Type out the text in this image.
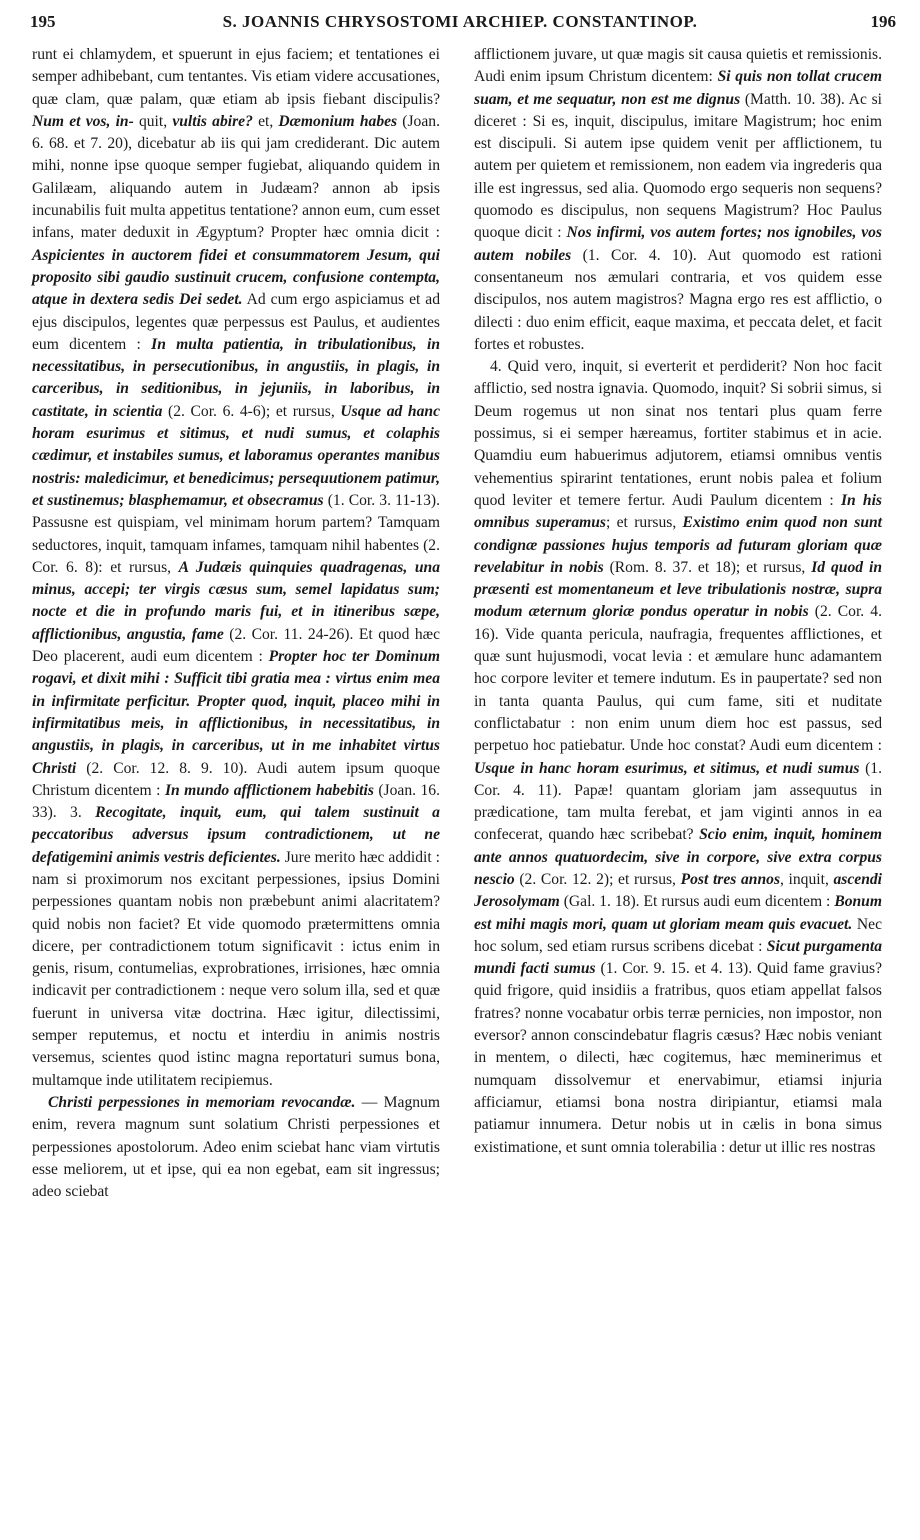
195	S. JOANNIS CHRYSOSTOMI ARCHIEP. CONSTANTINOP.	196

runt ei chlamydem, et spuerunt in ejus faciem; et tentationes ei semper adhibebant, cum tentantes. Vis etiam videre accusationes, quæ clam, quæ palam, quæ etiam ab ipsis fiebant discipulis? Num et vos, in- quit, vultis abire? et, Dæmonium habes (Joan. 6. 68. et 7. 20), dicebatur ab iis qui jam crediderant. Dic autem mihi, nonne ipse quoque semper fugiebat, aliquando quidem in Galilæam, aliquando autem in Judæam? annon ab ipsis incunabilis fuit multa appetitus tentatione? annon eum, cum esset infans, mater deduxit in Ægyptum? Propter hæc omnia dicit : Aspicientes in auctorem fidei et consummatorem Jesum, qui proposito sibi gaudio sustinuit crucem, confusione contempta, atque in dextera sedis Dei sedet. Ad cum ergo aspiciamus et ad ejus discipulos, legentes quæ perpessus est Paulus, et audientes eum dicentem : In multa patientia, in tribulationibus, in necessitatibus, in persecutionibus, in angustiis, in plagis, in carceribus, in seditionibus, in jejuniis, in laboribus, in castitate, in scientia (2. Cor. 6. 4-6); et rursus, Usque ad hanc horam esurimus et sitimus, et nudi sumus, et colaphis cædimur, et instabiles sumus, et laboramus operantes manibus nostris: maledicimur, et benedicimus; persequutionem patimur, et sustinemus; blasphemamur, et obsecramus (1. Cor. 3. 11-13). Passusne est quispiam, vel minimam horum partem? Tamquam seductores, inquit, tamquam infames, tamquam nihil habentes (2. Cor. 6. 8): et rursus, A Judæis quinquies quadragenas, una minus, accepi; ter virgis cæsus sum, semel lapidatus sum; nocte et die in profundo maris fui, et in itineribus sæpe, afflictionibus, angustia, fame (2. Cor. 11. 24-26). Et quod hæc Deo placerent, audi eum dicentem : Propter hoc ter Dominum rogavi, et dixit mihi : Sufficit tibi gratia mea : virtus enim mea in infirmitate perficitur. Propter quod, inquit, placeo mihi in infirmitatibus meis, in afflictionibus, in necessitatibus, in angustiis, in plagis, in carceribus, ut in me inhabitet virtus Christi (2. Cor. 12. 8. 9. 10). Audi autem ipsum quoque Christum dicentem : In mundo afflictionem habebitis (Joan. 16. 33). 3. Recogitate, inquit, eum, qui talem sustinuit a peccatoribus adversus ipsum contradictionem, ut ne defatigemini animis vestris deficientes. Jure merito hæc addidit : nam si proximorum nos excitant perpessiones, ipsius Domini perpessiones quantam nobis non præbebunt animi alacritatem? quid nobis non faciet? Et vide quomodo prætermittens omnia dicere, per contradictionem totum significavit : ictus enim in genis, risum, contumelias, exprobrationes, irrisiones, hæc omnia indicavit per contradictionem : neque vero solum illa, sed et quæ fuerunt in universa vitæ doctrina. Hæc igitur, dilectissimi, semper reputemus, et noctu et interdiu in animis nostris versemus, scientes quod istinc magna reportaturi sumus bona, multamque inde utilitatem recipiemus.

Christi perpessiones in memoriam revocandæ. — Magnum enim, revera magnum sunt solatium Christi perpessiones et perpessiones apostolorum. Adeo enim sciebat hanc viam virtutis esse meliorem, ut et ipse, qui ea non egebat, eam sit ingressus; adeo sciebat

afflictionem juvare, ut quæ magis sit causa quietis et remissionis. Audi enim ipsum Christum dicentem: Si quis non tollat crucem suam, et me sequatur, non est me dignus (Matth. 10. 38). Ac si diceret : Si es, inquit, discipulus, imitare Magistrum; hoc enim est discipuli. Si autem ipse quidem venit per afflictionem, tu autem per quietem et remissionem, non eadem via ingrederis qua ille est ingressus, sed alia. Quomodo ergo sequeris non sequens? quomodo es discipulus, non sequens Magistrum? Hoc Paulus quoque dicit : Nos infirmi, vos autem fortes; nos ignobiles, vos autem nobiles (1. Cor. 4. 10). Aut quomodo est rationi consentaneum nos æmulari contraria, et vos quidem esse discipulos, nos autem magistros? Magna ergo res est afflictio, o dilecti : duo enim efficit, eaque maxima, et peccata delet, et facit fortes et robustes.

4. Quid vero, inquit, si everterit et perdiderit? Non hoc facit afflictio, sed nostra ignavia. Quomodo, inquit? Si sobrii simus, si Deum rogemus ut non sinat nos tentari plus quam ferre possimus, si ei semper hæreamus, fortiter stabimus et in acie. Quamdiu eum habuerimus adjutorem, etiamsi omnibus ventis vehementius spirarint tentationes, erunt nobis palea et folium quod leviter et temere fertur. Audi Paulum dicentem : In his omnibus superamus; et rursus, Existimo enim quod non sunt condignæ passiones hujus temporis ad futuram gloriam quæ revelabitur in nobis (Rom. 8. 37. et 18); et rursus, Id quod in præsenti est momentaneum et leve tribulationis nostræ, supra modum æternum gloriæ pondus operatur in nobis (2. Cor. 4. 16). Vide quanta pericula, naufragia, frequentes afflictiones, et quæ sunt hujusmodi, vocat levia : et æmulare hunc adamantem hoc corpore leviter et temere indutum. Es in paupertate? sed non in tanta quanta Paulus, qui cum fame, siti et nuditate conflictabatur : non enim unum diem hoc est passus, sed perpetuo hoc patiebatur. Unde hoc constat? Audi eum dicentem : Usque in hanc horam esurimus, et sitimus, et nudi sumus (1. Cor. 4. 11). Papæ! quantam gloriam jam assequutus in prædicatione, tam multa ferebat, et jam viginti annos in ea confecerat, quando hæc scribebat? Scio enim, inquit, hominem ante annos quatuordecim, sive in corpore, sive extra corpus nescio (2. Cor. 12. 2); et rursus, Post tres annos, inquit, ascendi Jerosolymam (Gal. 1. 18). Et rursus audi eum dicentem : Bonum est mihi magis mori, quam ut gloriam meam quis evacuet. Nec hoc solum, sed etiam rursus scribens dicebat : Sicut purgamenta mundi facti sumus (1. Cor. 9. 15. et 4. 13). Quid fame gravius? quid frigore, quid insidiis a fratribus, quos etiam appellat falsos fratres? nonne vocabatur orbis terræ pernicies, non impostor, non eversor? annon conscindebatur flagris cæsus? Hæc nobis veniant in mentem, o dilecti, hæc cogitemus, hæc meminerimus et numquam dissolvemur et enervabimur, etiamsi injuria afficiamur, etiamsi bona nostra diripiantur, etiamsi mala patiamur innumera. Detur nobis ut in cælis in bona simus existimatione, et sunt omnia tolerabilia : detur ut illic res nostras
